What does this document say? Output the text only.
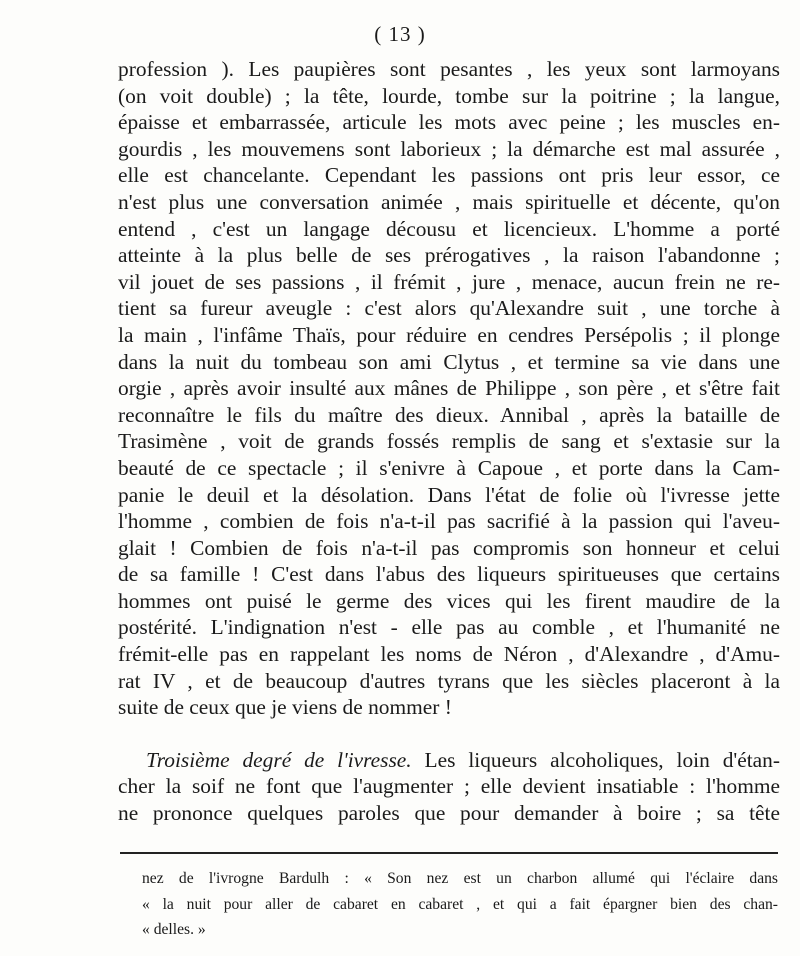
( 13 )
profession ). Les paupières sont pesantes , les yeux sont larmoyans
(on voit double) ; la tête, lourde, tombe sur la poitrine ; la langue,
épaisse et embarrassée, articule les mots avec peine ; les muscles en-
gourdis , les mouvemens sont laborieux ; la démarche est mal assurée ,
elle est chancelante. Cependant les passions ont pris leur essor, ce
n'est plus une conversation animée , mais spirituelle et décente, qu'on
entend , c'est un langage décousu et licencieux. L'homme a porté
atteinte à la plus belle de ses prérogatives , la raison l'abandonne ;
vil jouet de ses passions , il frémit , jure , menace, aucun frein ne re-
tient sa fureur aveugle : c'est alors qu'Alexandre suit , une torche à
la main , l'infâme Thaïs, pour réduire en cendres Persépolis ; il plonge
dans la nuit du tombeau son ami Clytus , et termine sa vie dans une
orgie , après avoir insulté aux mânes de Philippe , son père , et s'être fait
reconnaître le fils du maître des dieux. Annibal , après la bataille de
Trasimène , voit de grands fossés remplis de sang et s'extasie sur la
beauté de ce spectacle ; il s'enivre à Capoue , et porte dans la Cam-
panie le deuil et la désolation. Dans l'état de folie où l'ivresse jette
l'homme , combien de fois n'a-t-il pas sacrifié à la passion qui l'aveu-
glait ! Combien de fois n'a-t-il pas compromis son honneur et celui
de sa famille ! C'est dans l'abus des liqueurs spiritueuses que certains
hommes ont puisé le germe des vices qui les firent maudire de la
postérité. L'indignation n'est - elle pas au comble , et l'humanité ne
frémit-elle pas en rappelant les noms de Néron , d'Alexandre , d'Amu-
rat IV , et de beaucoup d'autres tyrans que les siècles placeront à la
suite de ceux que je viens de nommer !
Troisième degré de l'ivresse. Les liqueurs alcoholiques, loin d'étan-
cher la soif ne font que l'augmenter ; elle devient insatiable : l'homme
ne prononce quelques paroles que pour demander à boire ; sa tête
nez de l'ivrogne Bardulh : « Son nez est un charbon allumé qui l'éclaire dans
« la nuit pour aller de cabaret en cabaret , et qui a fait épargner bien des chan-
« delles. »
